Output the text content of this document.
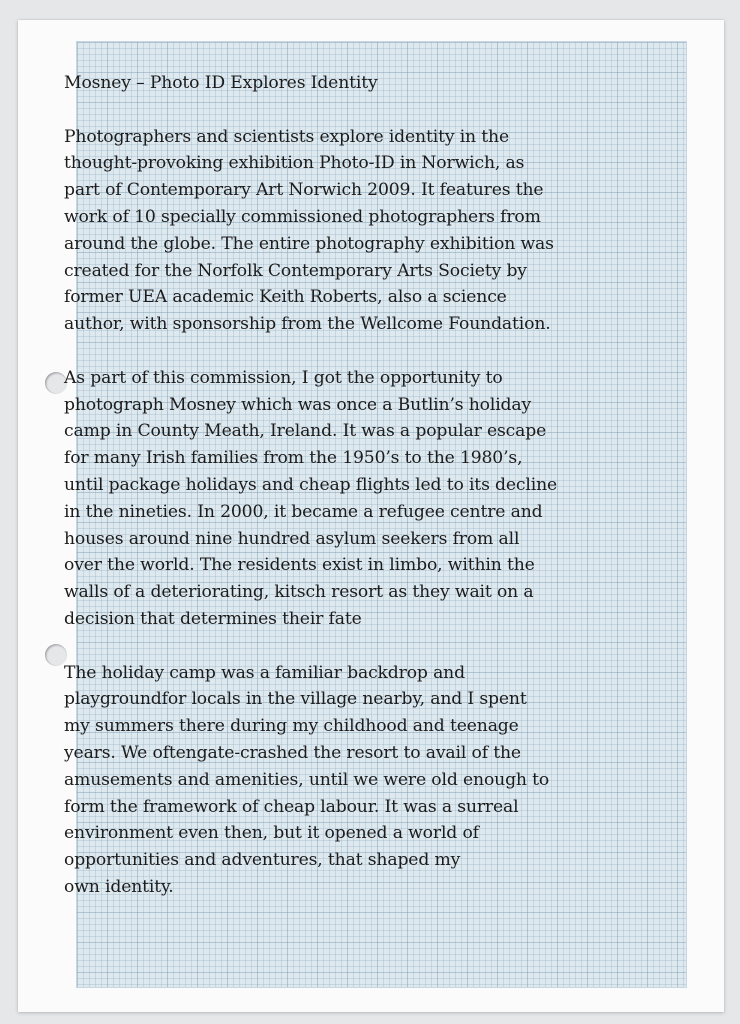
Mosney – Photo ID Explores Identity

Photographers and scientists explore identity in the
thought-provoking exhibition Photo-ID in Norwich, as
part of Contemporary Art Norwich 2009. It features the
work of 10 specially commissioned photographers from
around the globe. The entire photography exhibition was
created for the Norfolk Contemporary Arts Society by
former UEA academic Keith Roberts, also a science
author, with sponsorship from the Wellcome Foundation.

As part of this commission, I got the opportunity to
photograph Mosney which was once a Butlin’s holiday
camp in County Meath, Ireland. It was a popular escape
for many Irish families from the 1950’s to the 1980’s,
until package holidays and cheap flights led to its decline
in the nineties. In 2000, it became a refugee centre and
houses around nine hundred asylum seekers from all
over the world. The residents exist in limbo, within the
walls of a deteriorating, kitsch resort as they wait on a
decision that determines their fate

The holiday camp was a familiar backdrop and
playgroundfor locals in the village nearby, and I spent
my summers there during my childhood and teenage
years. We oftengate-crashed the resort to avail of the
amusements and amenities, until we were old enough to
form the framework of cheap labour. It was a surreal
environment even then, but it opened a world of
opportunities and adventures, that shaped my
own identity.
